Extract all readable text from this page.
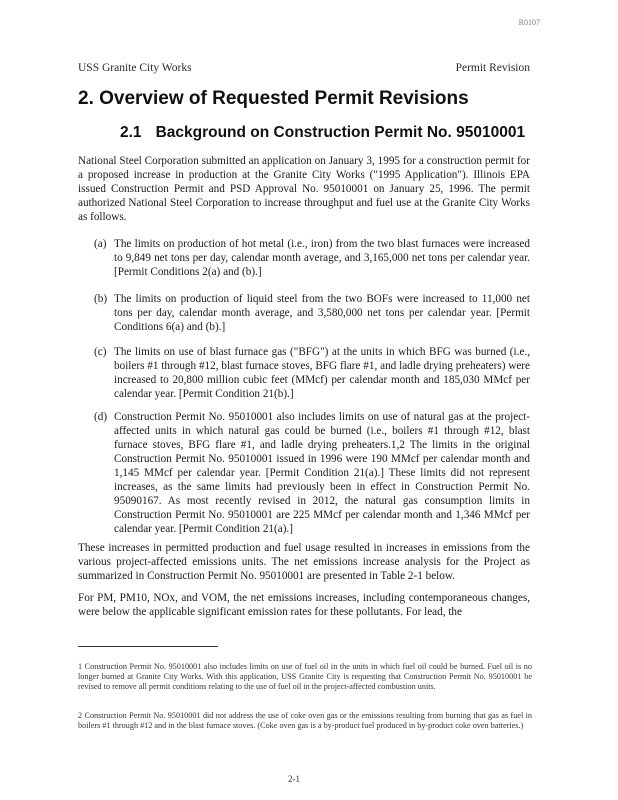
R0107
USS Granite City Works	Permit Revision
2. Overview of Requested Permit Revisions
2.1 Background on Construction Permit No. 95010001

National Steel Corporation submitted an application on January 3, 1995 for a construction permit for a proposed increase in production at the Granite City Works ("1995 Application"). Illinois EPA issued Construction Permit and PSD Approval No. 95010001 on January 25, 1996. The permit authorized National Steel Corporation to increase throughput and fuel use at the Granite City Works as follows.

(a) The limits on production of hot metal (i.e., iron) from the two blast furnaces were increased to 9,849 net tons per day, calendar month average, and 3,165,000 net tons per calendar year. [Permit Conditions 2(a) and (b).]
(b) The limits on production of liquid steel from the two BOFs were increased to 11,000 net tons per day, calendar month average, and 3,580,000 net tons per calendar year. [Permit Conditions 6(a) and (b).]
(c) The limits on use of blast furnace gas ("BFG") at the units in which BFG was burned (i.e., boilers #1 through #12, blast furnace stoves, BFG flare #1, and ladle drying preheaters) were increased to 20,800 million cubic feet (MMcf) per calendar month and 185,030 MMcf per calendar year. [Permit Condition 21(b).]
(d) Construction Permit No. 95010001 also includes limits on use of natural gas at the project-affected units in which natural gas could be burned (i.e., boilers #1 through #12, blast furnace stoves, BFG flare #1, and ladle drying preheaters.1,2 The limits in the original Construction Permit No. 95010001 issued in 1996 were 190 MMcf per calendar month and 1,145 MMcf per calendar year. [Permit Condition 21(a).] These limits did not represent increases, as the same limits had previously been in effect in Construction Permit No. 95090167. As most recently revised in 2012, the natural gas consumption limits in Construction Permit No. 95010001 are 225 MMcf per calendar month and 1,346 MMcf per calendar year. [Permit Condition 21(a).]

These increases in permitted production and fuel usage resulted in increases in emissions from the various project-affected emissions units. The net emissions increase analysis for the Project as summarized in Construction Permit No. 95010001 are presented in Table 2-1 below.

For PM, PM10, NOx, and VOM, the net emissions increases, including contemporaneous changes, were below the applicable significant emission rates for these pollutants. For lead, the

1 Construction Permit No. 95010001 also includes limits on use of fuel oil in the units in which fuel oil could be burned. Fuel oil is no longer burned at Granite City Works. With this application, USS Granite City is requesting that Construction Permit No. 95010001 be revised to remove all permit conditions relating to the use of fuel oil in the project-affected combustion units.

2 Construction Permit No. 95010001 did not address the use of coke oven gas or the emissions resulting from burning that gas as fuel in boilers #1 through #12 and in the blast furnace stoves. (Coke oven gas is a by-product fuel produced in by-product coke oven batteries.)

2-1
